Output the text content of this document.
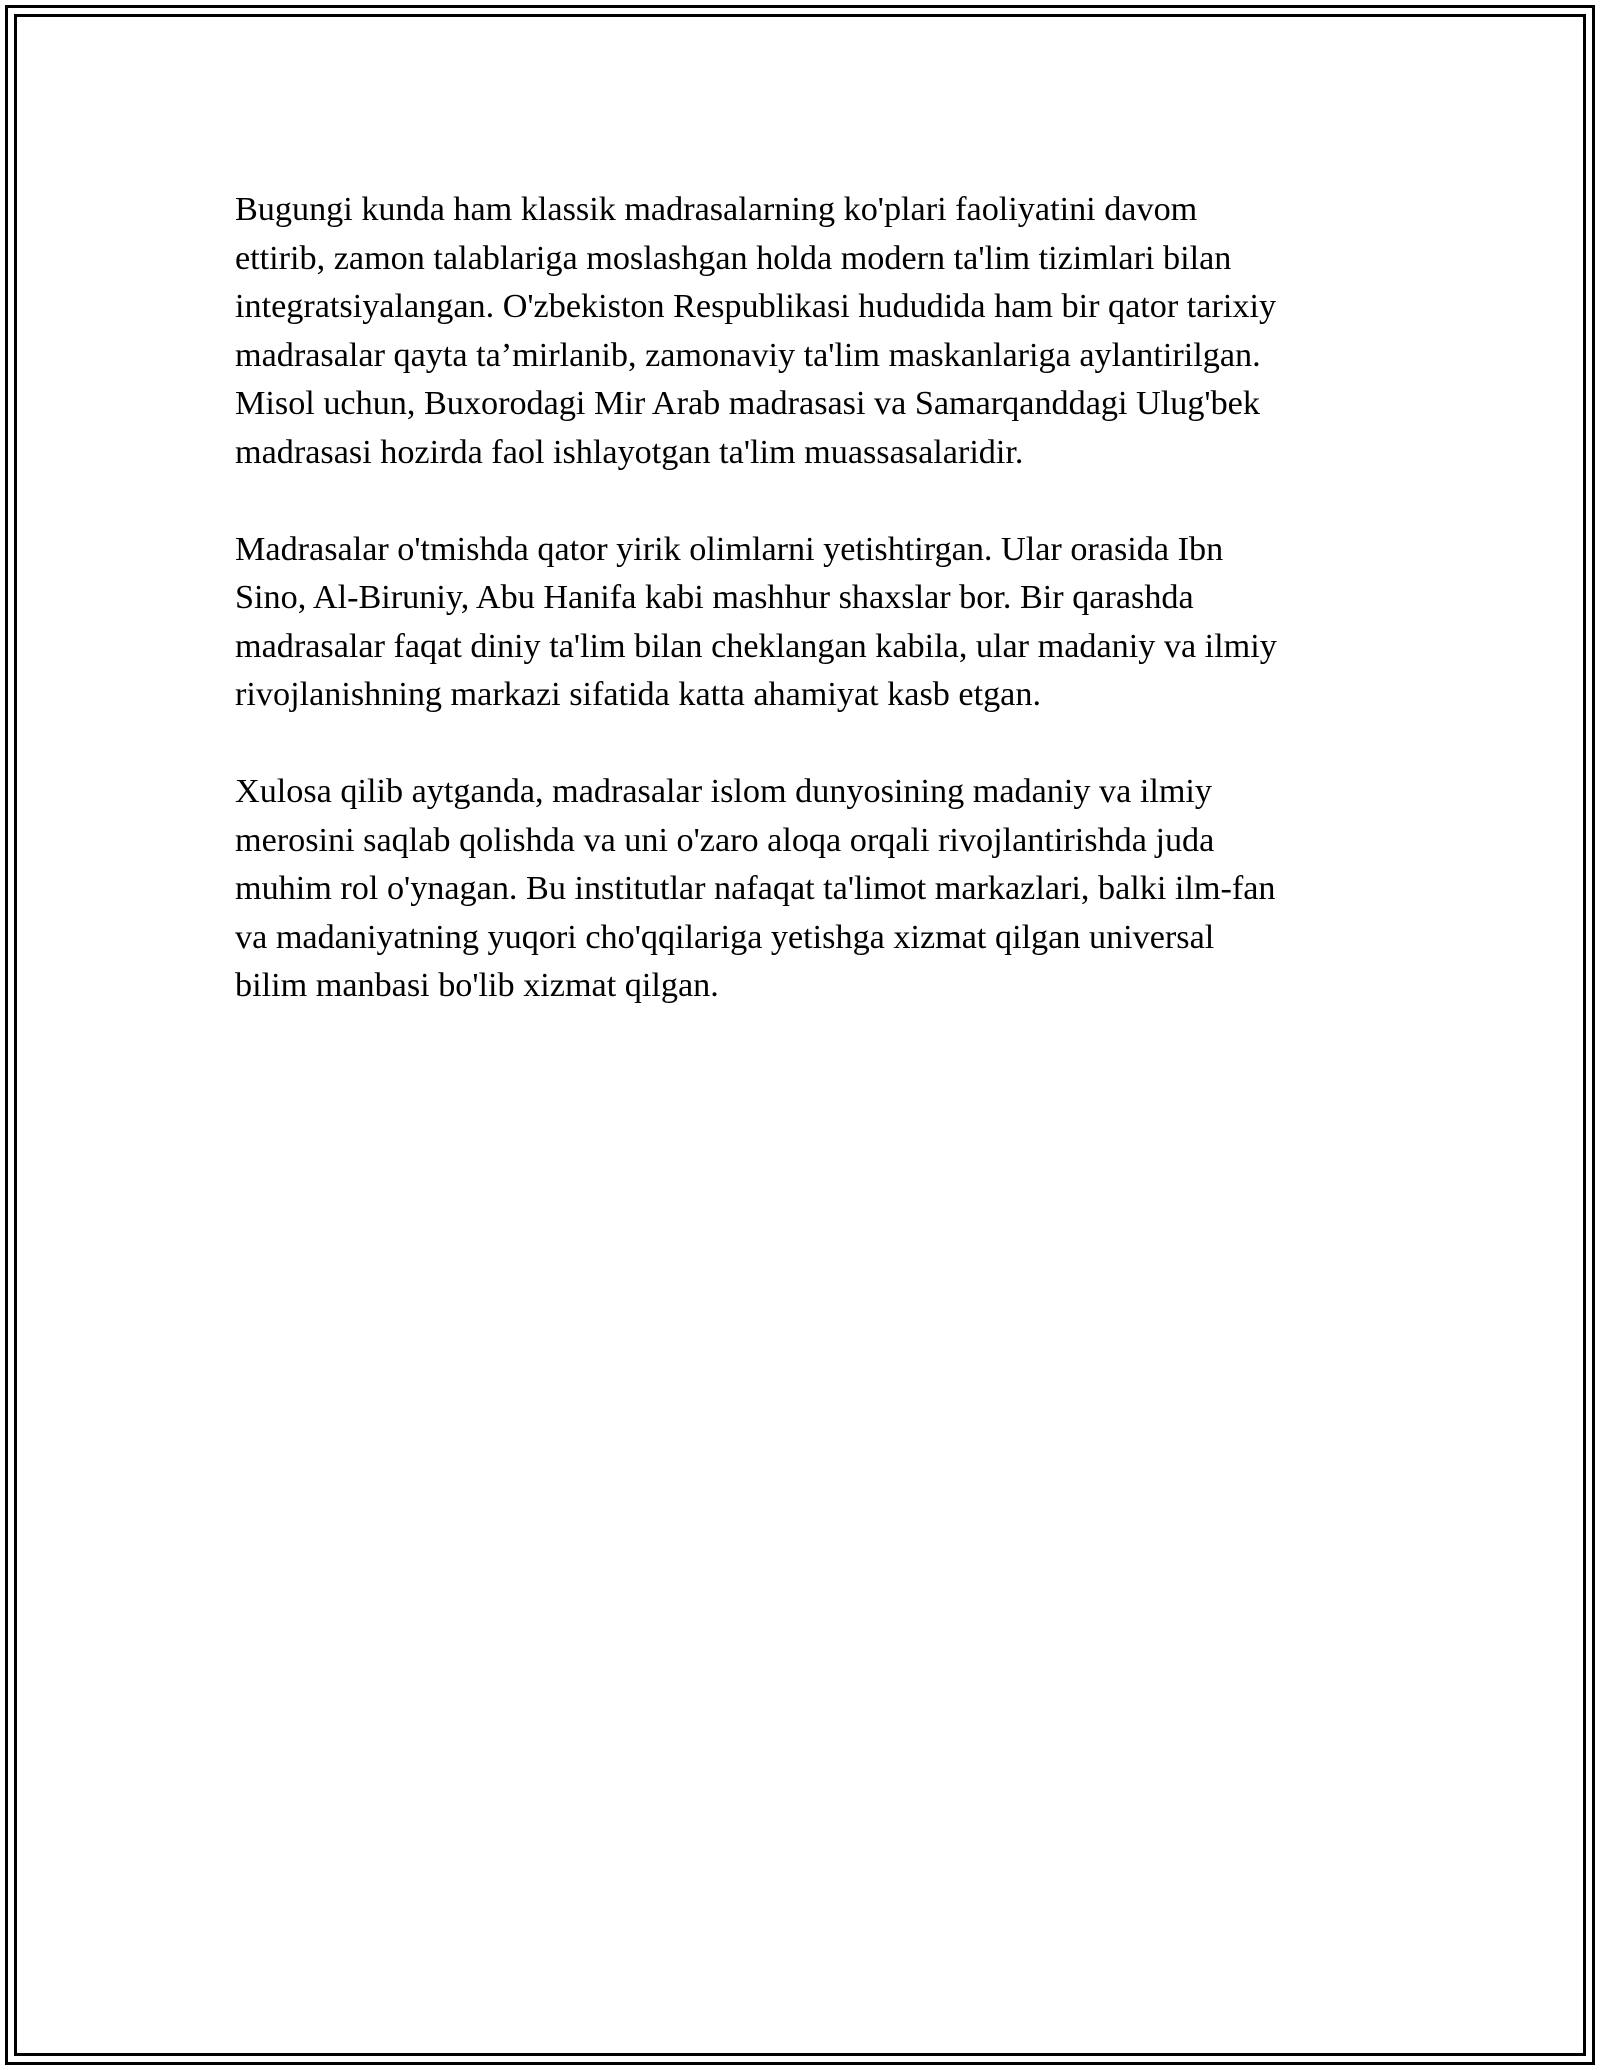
Bugungi kunda ham klassik madrasalarning ko'plari faoliyatini davom
ettirib, zamon talablariga moslashgan holda modern ta'lim tizimlari bilan
integratsiyalangan. O'zbekiston Respublikasi hududida ham bir qator tarixiy
madrasalar qayta ta’mirlanib, zamonaviy ta'lim maskanlariga aylantirilgan.
Misol uchun, Buxorodagi Mir Arab madrasasi va Samarqanddagi Ulug'bek
madrasasi hozirda faol ishlayotgan ta'lim muassasalaridir.

Madrasalar o'tmishda qator yirik olimlarni yetishtirgan. Ular orasida Ibn
Sino, Al-Biruniy, Abu Hanifa kabi mashhur shaxslar bor. Bir qarashda
madrasalar faqat diniy ta'lim bilan cheklangan kabila, ular madaniy va ilmiy
rivojlanishning markazi sifatida katta ahamiyat kasb etgan.

Xulosa qilib aytganda, madrasalar islom dunyosining madaniy va ilmiy
merosini saqlab qolishda va uni o'zaro aloqa orqali rivojlantirishda juda
muhim rol o'ynagan. Bu institutlar nafaqat ta'limot markazlari, balki ilm-fan
va madaniyatning yuqori cho'qqilariga yetishga xizmat qilgan universal
bilim manbasi bo'lib xizmat qilgan.
